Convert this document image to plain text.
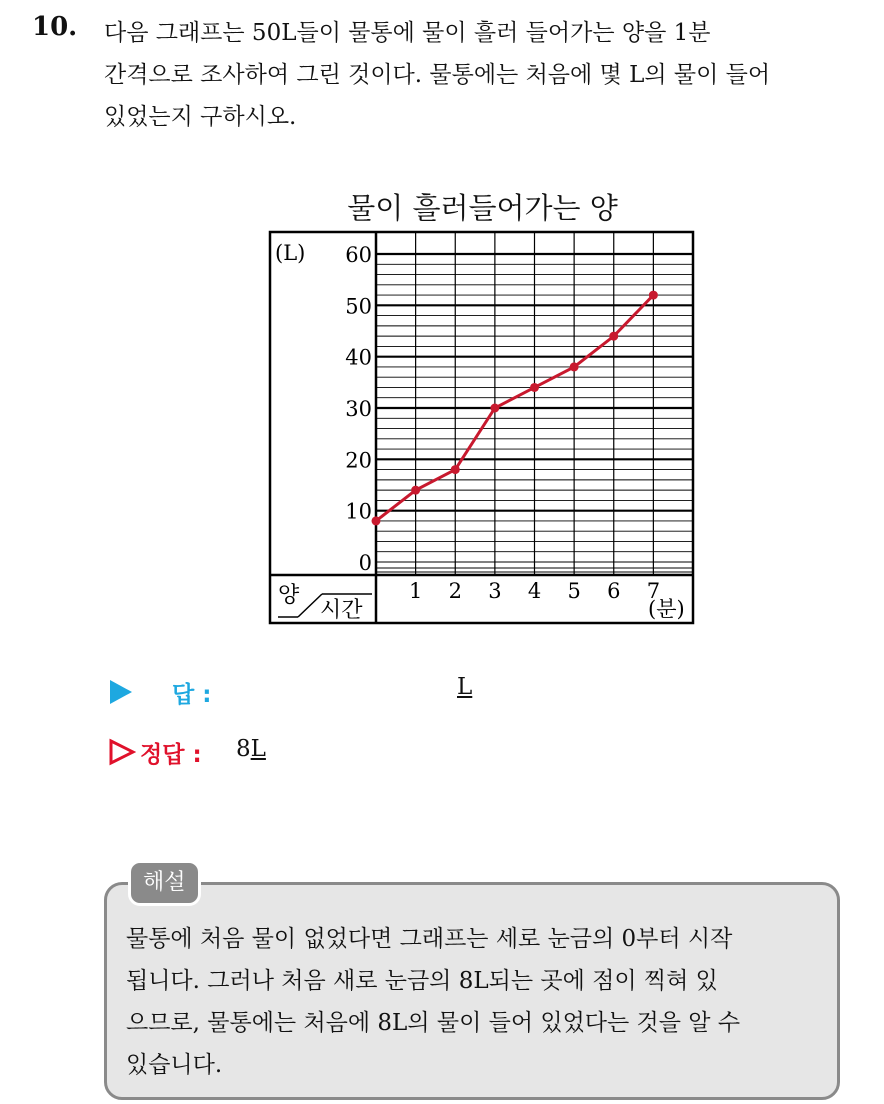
10. 다음 그래프는 50L들이 물통에 물이 흘러 들어가는 양을 1분
간격으로 조사하여 그린 것이다. 물통에는 처음에 몇 L의 물이 들어
있었는지 구하시오.
물이 흘러들어가는 양
양
시간
(L)
(분)
0
10
20
30
40
50
60
1 2 3 4 5 6 7
답 :	L
정답 : 8L
해설
물통에 처음 물이 없었다면 그래프는 세로 눈금의 0부터 시작
됩니다. 그러나 처음 새로 눈금의 8L되는 곳에 점이 찍혀 있
으므로, 물통에는 처음에 8L의 물이 들어 있었다는 것을 알 수
있습니다.
